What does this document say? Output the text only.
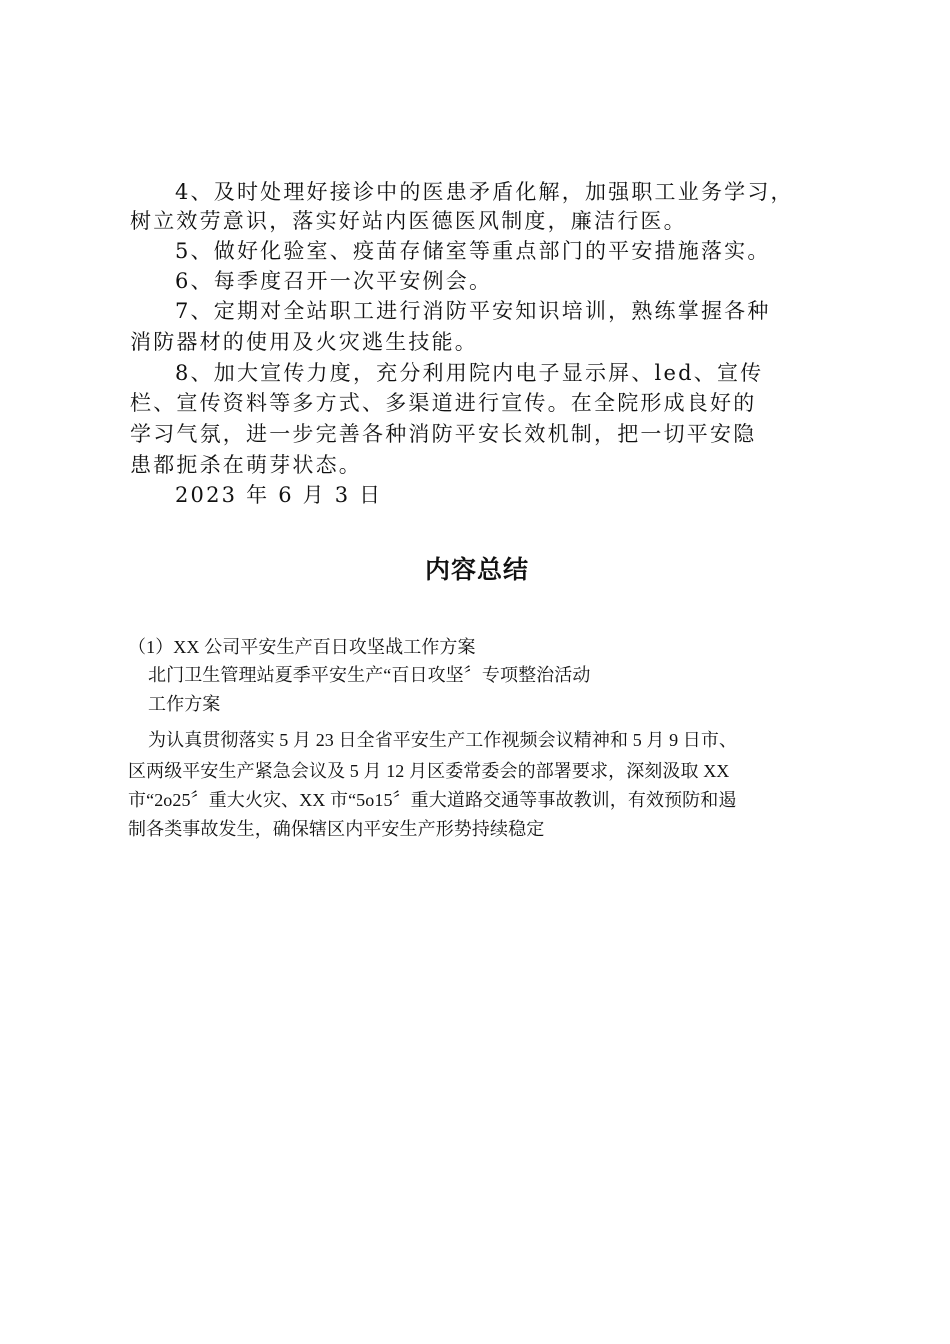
4、及时处理好接诊中的医患矛盾化解，加强职工业务学习，

树立效劳意识，落实好站内医德医风制度，廉洁行医。

5、做好化验室、疫苗存储室等重点部门的平安措施落实。

6、每季度召开一次平安例会。

7、定期对全站职工进行消防平安知识培训，熟练掌握各种

消防器材的使用及火灾逃生技能。

8、加大宣传力度，充分利用院内电子显示屏、led、宣传

栏、宣传资料等多方式、多渠道进行宣传。在全院形成良好的

学习气氛，进一步完善各种消防平安长效机制，把一切平安隐

患都扼杀在萌芽状态。

2023 年 6 月 3 日

内容总结

（1）XX 公司平安生产百日攻坚战工作方案

北门卫生管理站夏季平安生产“百日攻坚〞专项整治活动

工作方案

为认真贯彻落实 5 月 23 日全省平安生产工作视频会议精神和 5 月 9 日市、

区两级平安生产紧急会议及 5 月 12 月区委常委会的部署要求，深刻汲取 XX

市“2o25〞重大火灾、XX 市“5o15〞重大道路交通等事故教训，有效预防和遏

制各类事故发生，确保辖区内平安生产形势持续稳定
